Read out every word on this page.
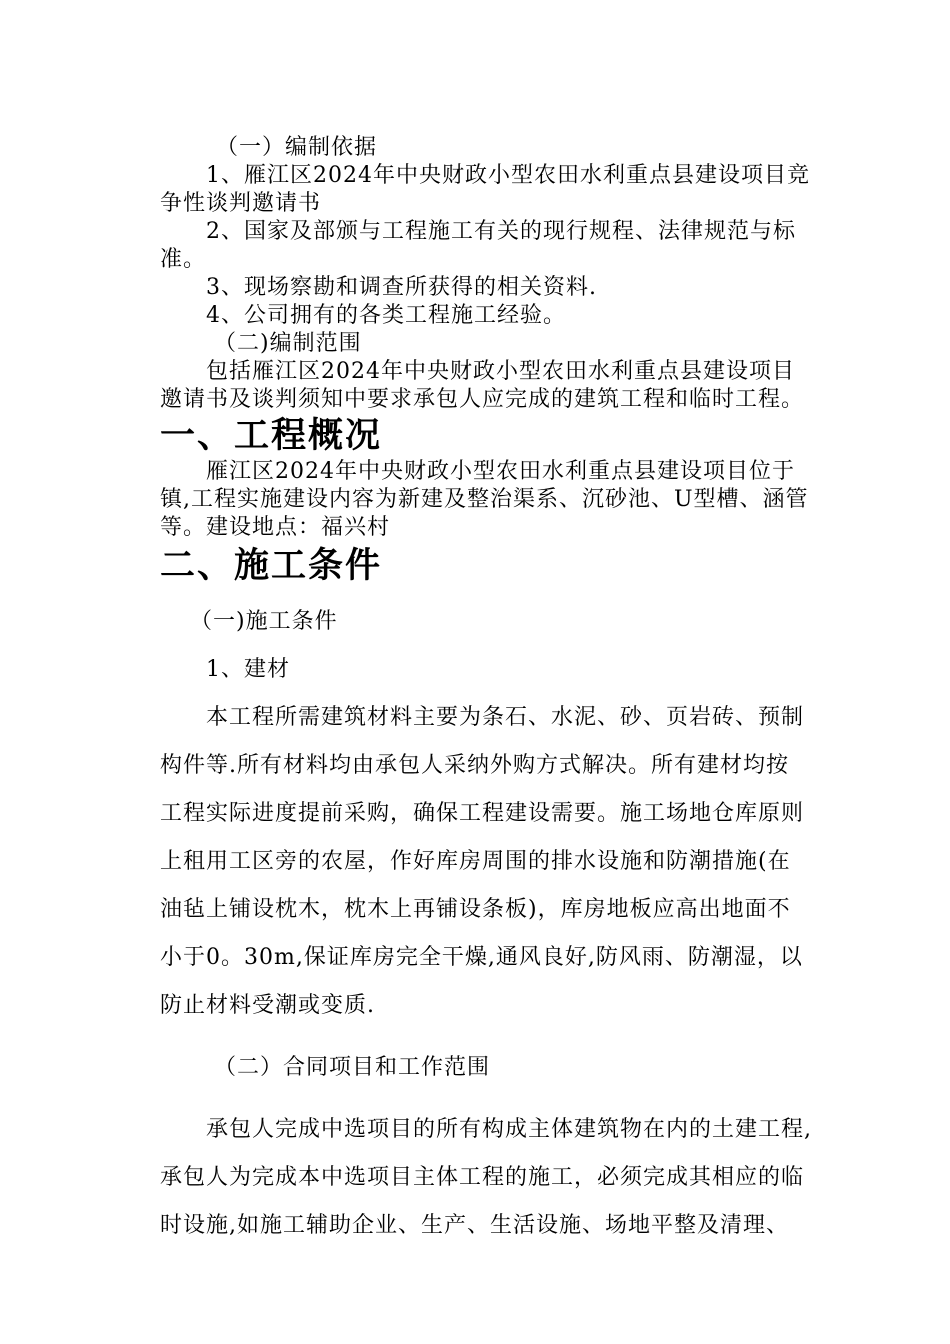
（一）编制依据

1、雁江区2024年中央财政小型农田水利重点县建设项目竞

争性谈判邀请书

2、国家及部颁与工程施工有关的现行规程、法律规范与标

准。

3、现场察勘和调查所获得的相关资料.

4、公司拥有的各类工程施工经验。

（二)编制范围

包括雁江区2024年中央财政小型农田水利重点县建设项目

邀请书及谈判须知中要求承包人应完成的建筑工程和临时工程。

一、工程概况

雁江区2024年中央财政小型农田水利重点县建设项目位于

镇,工程实施建设内容为新建及整治渠系、沉砂池、U型槽、涵管

等。建设地点：福兴村

二、施工条件

（一)施工条件

1、建材

本工程所需建筑材料主要为条石、水泥、砂、页岩砖、预制

构件等.所有材料均由承包人采纳外购方式解决。所有建材均按

工程实际进度提前采购，确保工程建设需要。施工场地仓库原则

上租用工区旁的农屋，作好库房周围的排水设施和防潮措施(在

油毡上铺设枕木，枕木上再铺设条板)，库房地板应高出地面不

小于0。30m,保证库房完全干燥,通风良好,防风雨、防潮湿，以

防止材料受潮或变质.

（二）合同项目和工作范围

承包人完成中选项目的所有构成主体建筑物在内的土建工程,

承包人为完成本中选项目主体工程的施工，必须完成其相应的临

时设施,如施工辅助企业、生产、生活设施、场地平整及清理、
